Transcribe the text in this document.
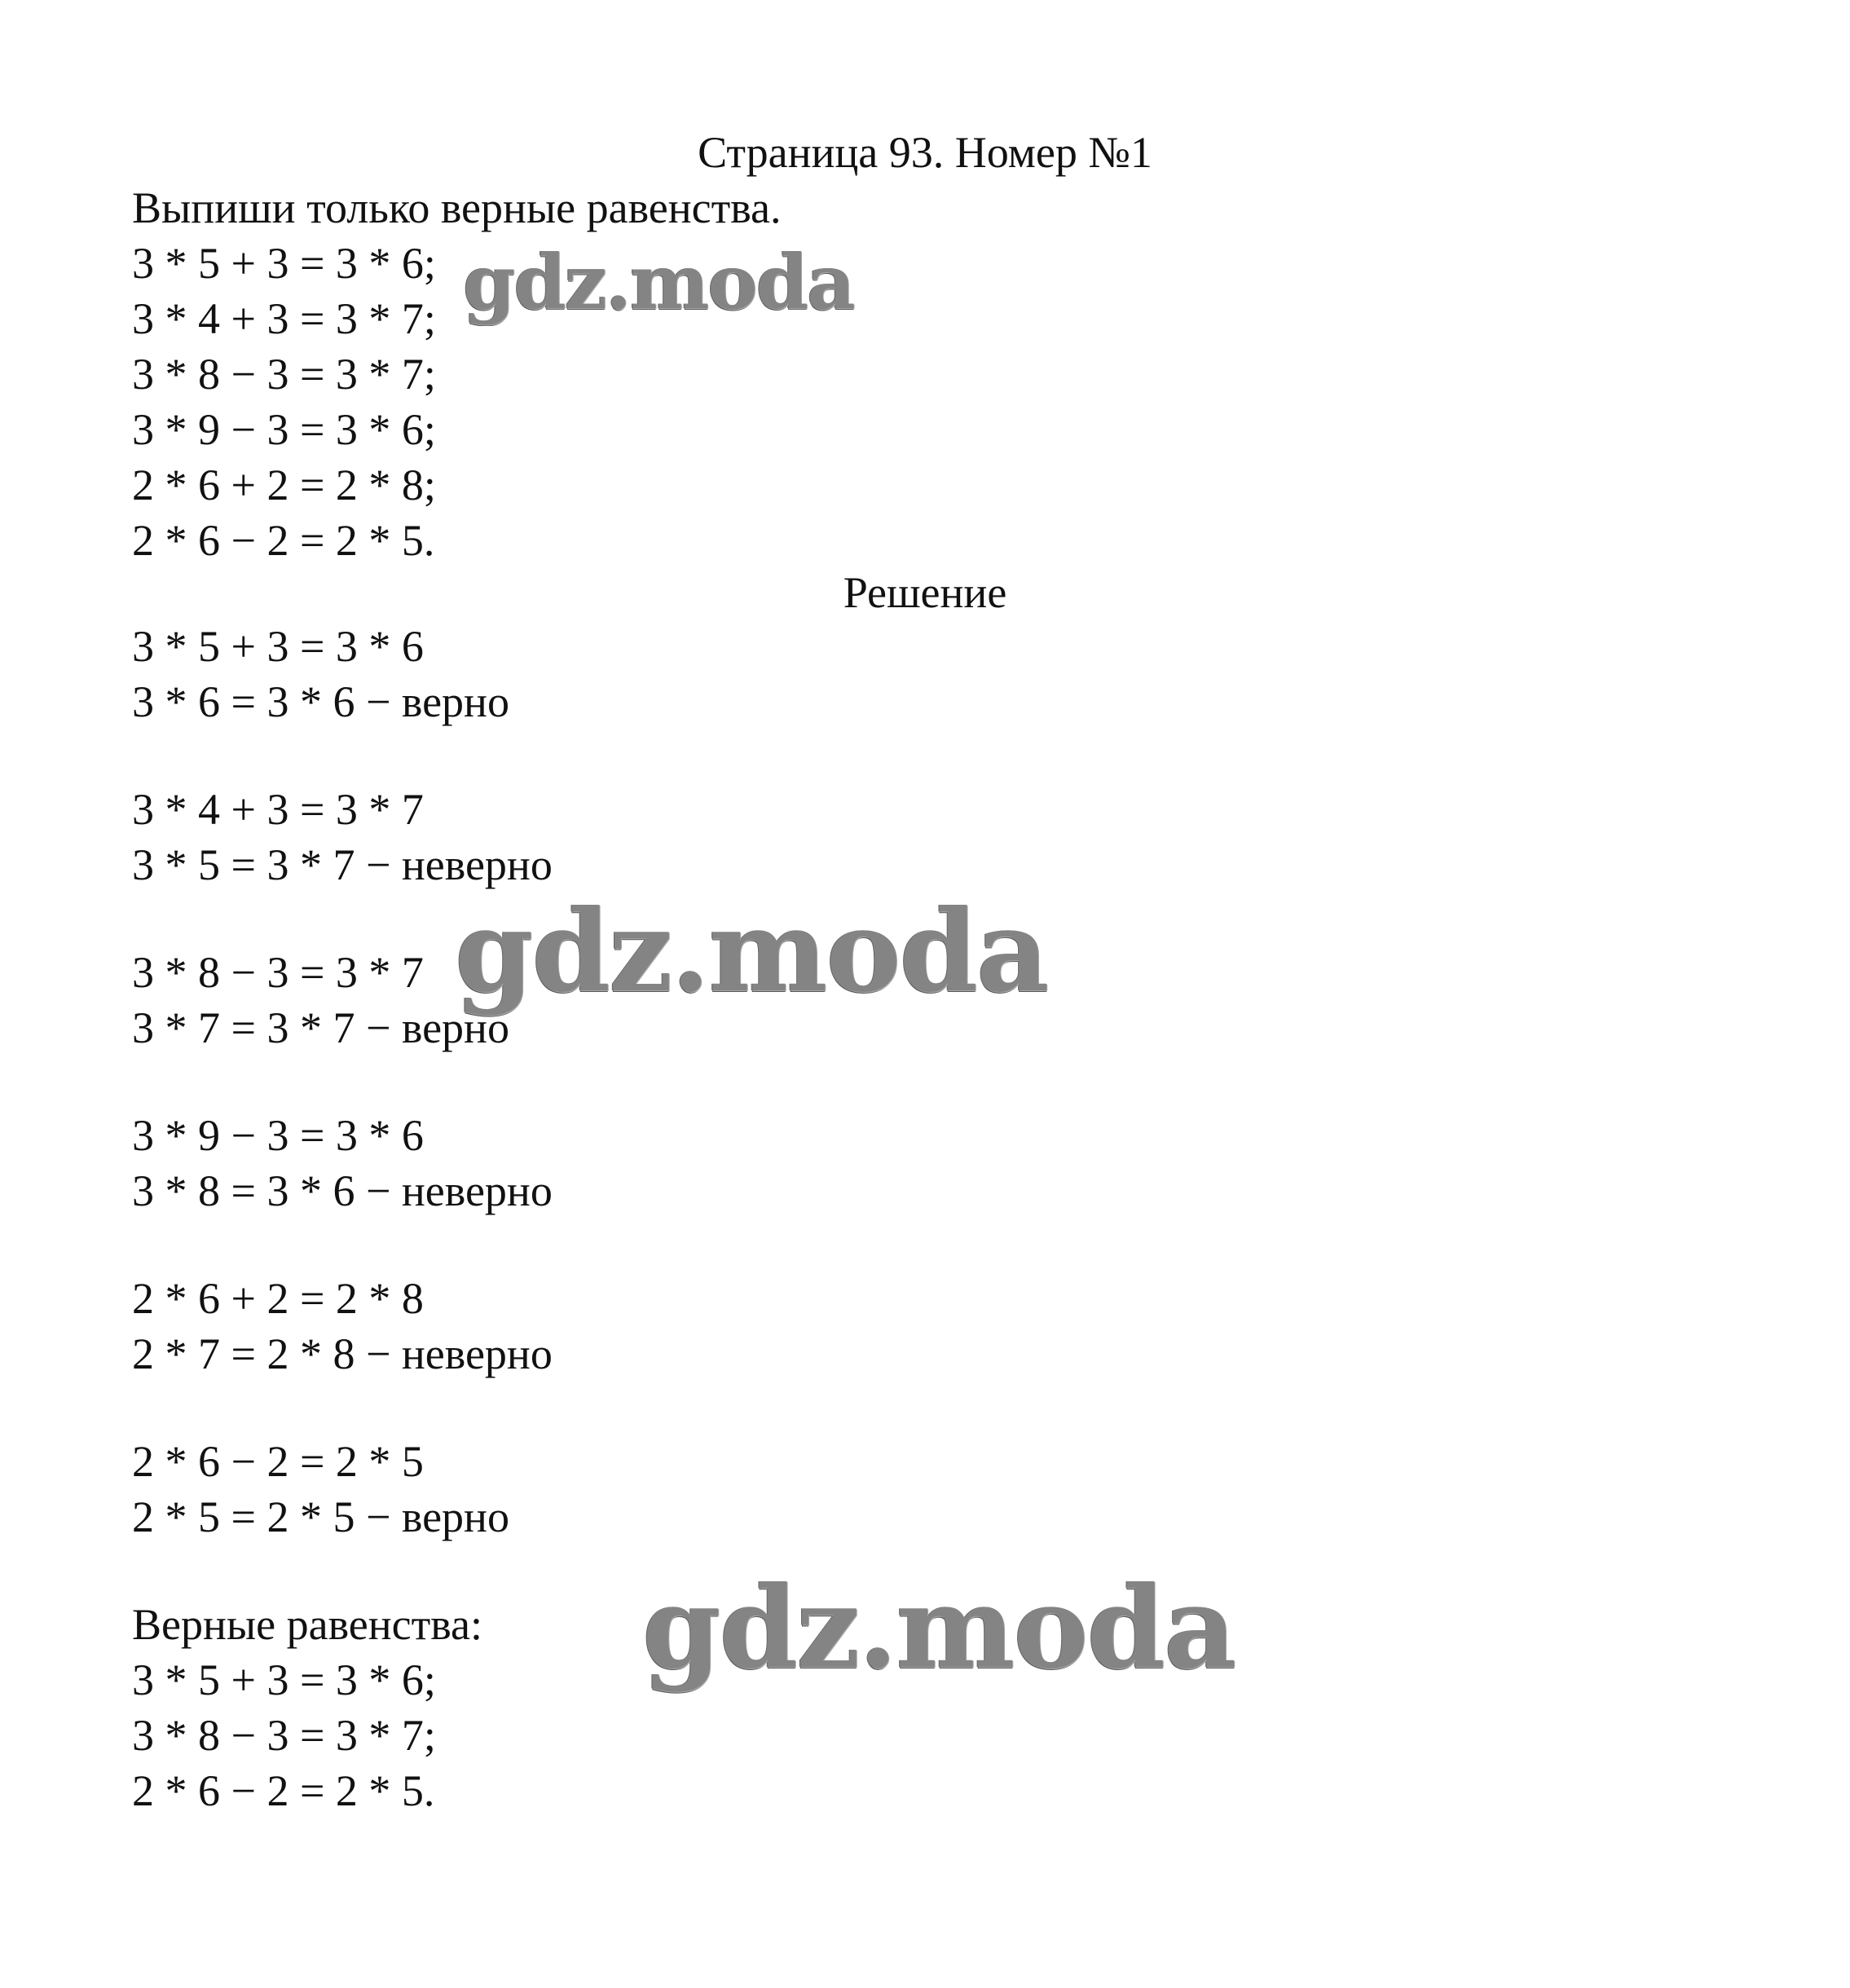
Страница 93. Номер №1
Выпиши только верные равенства.
3 * 5 + 3 = 3 * 6;
3 * 4 + 3 = 3 * 7;
3 * 8 − 3 = 3 * 7;
3 * 9 − 3 = 3 * 6;
2 * 6 + 2 = 2 * 8;
2 * 6 − 2 = 2 * 5.
Решение
3 * 5 + 3 = 3 * 6
3 * 6 = 3 * 6 − верно
3 * 4 + 3 = 3 * 7
3 * 5 = 3 * 7 − неверно
3 * 8 − 3 = 3 * 7
3 * 7 = 3 * 7 − верно
3 * 9 − 3 = 3 * 6
3 * 8 = 3 * 6 − неверно
2 * 6 + 2 = 2 * 8
2 * 7 = 2 * 8 − неверно
2 * 6 − 2 = 2 * 5
2 * 5 = 2 * 5 − верно
Верные равенства:
3 * 5 + 3 = 3 * 6;
3 * 8 − 3 = 3 * 7;
2 * 6 − 2 = 2 * 5.
gdz.moda
gdz.moda
gdz.moda
